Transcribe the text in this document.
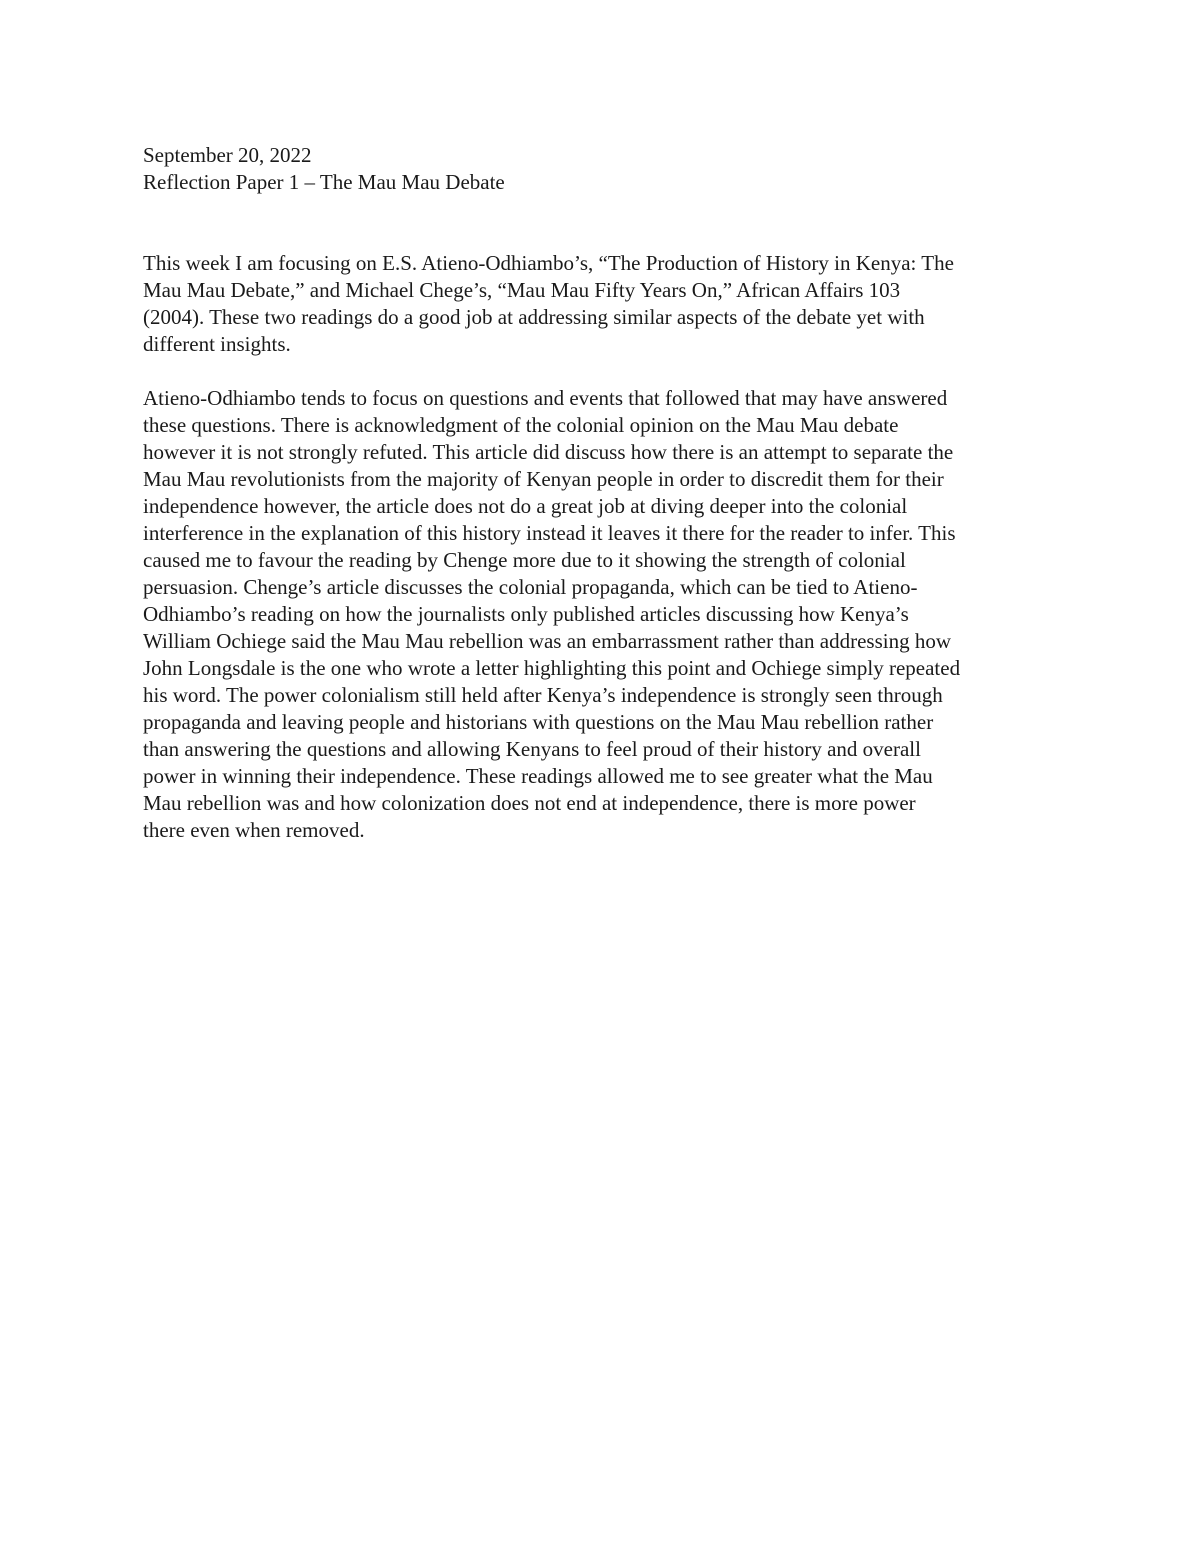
September 20, 2022

Reflection Paper 1 – The Mau Mau Debate

This week I am focusing on E.S. Atieno-Odhiambo’s, “The Production of History in Kenya: The
Mau Mau Debate,” and Michael Chege’s, “Mau Mau Fifty Years On,” African Affairs 103
(2004). These two readings do a good job at addressing similar aspects of the debate yet with
different insights.

Atieno-Odhiambo tends to focus on questions and events that followed that may have answered
these questions. There is acknowledgment of the colonial opinion on the Mau Mau debate
however it is not strongly refuted. This article did discuss how there is an attempt to separate the
Mau Mau revolutionists from the majority of Kenyan people in order to discredit them for their
independence however, the article does not do a great job at diving deeper into the colonial
interference in the explanation of this history instead it leaves it there for the reader to infer. This
caused me to favour the reading by Chenge more due to it showing the strength of colonial
persuasion. Chenge’s article discusses the colonial propaganda, which can be tied to Atieno-
Odhiambo’s reading on how the journalists only published articles discussing how Kenya’s
William Ochiege said the Mau Mau rebellion was an embarrassment rather than addressing how
John Longsdale is the one who wrote a letter highlighting this point and Ochiege simply repeated
his word. The power colonialism still held after Kenya’s independence is strongly seen through
propaganda and leaving people and historians with questions on the Mau Mau rebellion rather
than answering the questions and allowing Kenyans to feel proud of their history and overall
power in winning their independence. These readings allowed me to see greater what the Mau
Mau rebellion was and how colonization does not end at independence, there is more power
there even when removed.
